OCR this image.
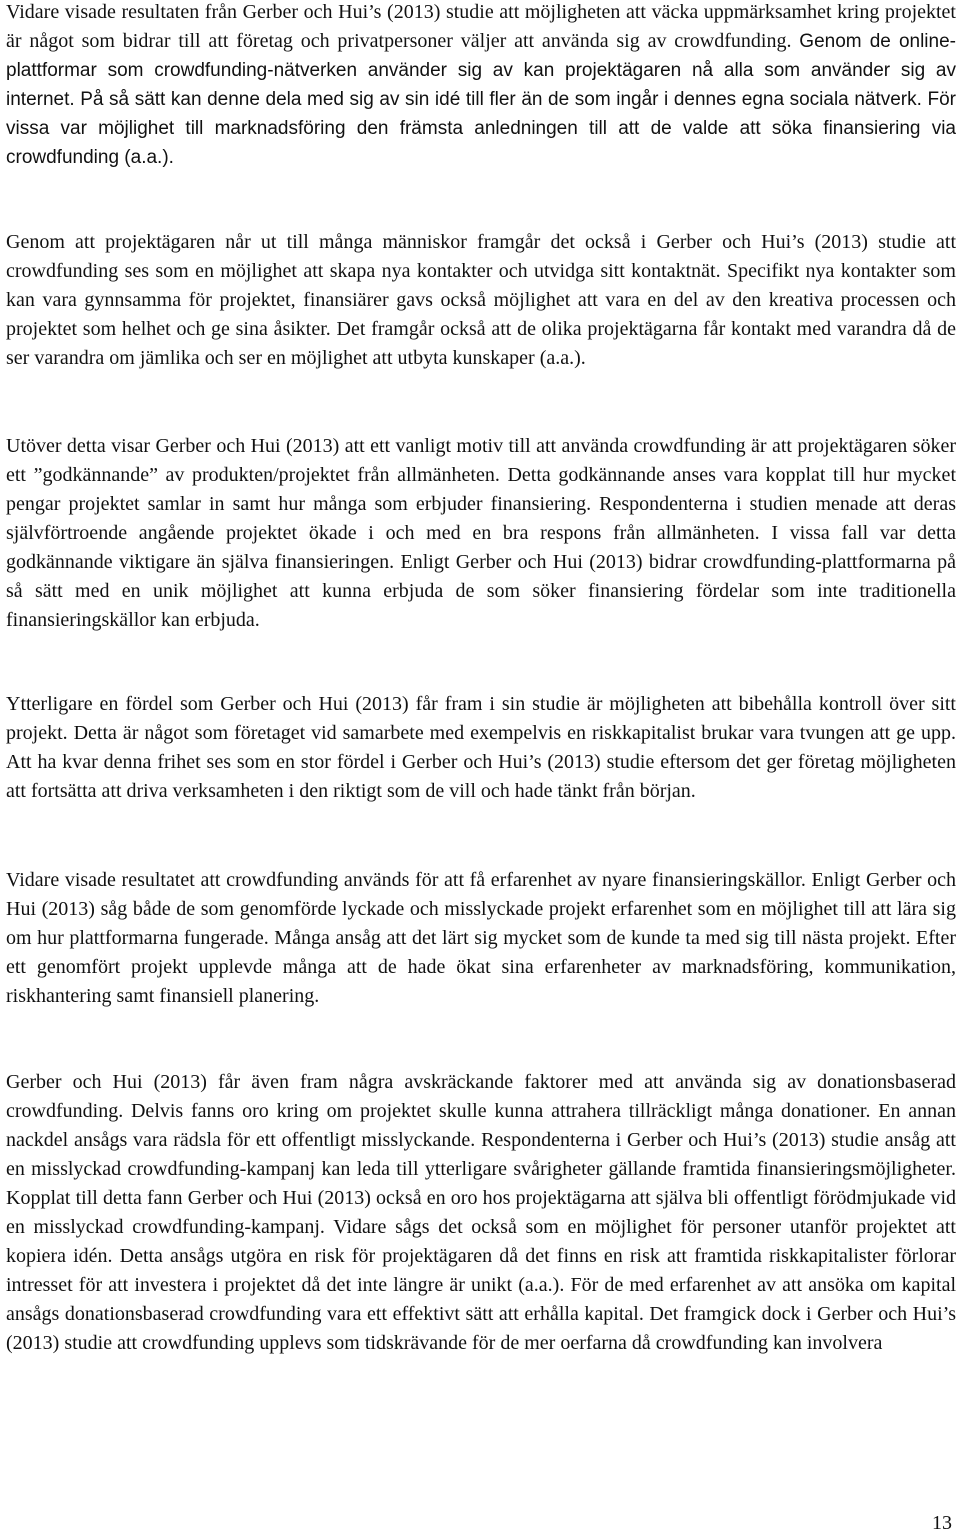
Vidare visade resultaten från Gerber och Hui’s (2013) studie att möjligheten att väcka uppmärksamhet kring projektet är något som bidrar till att företag och privatpersoner väljer att använda sig av crowdfunding. Genom de online-plattformar som crowdfunding-nätverken använder sig av kan projektägaren nå alla som använder sig av internet. På så sätt kan denne dela med sig av sin idé till fler än de som ingår i dennes egna sociala nätverk. För vissa var möjlighet till marknadsföring den främsta anledningen till att de valde att söka finansiering via crowdfunding (a.a.).

Genom att projektägaren når ut till många människor framgår det också i Gerber och Hui’s (2013) studie att crowdfunding ses som en möjlighet att skapa nya kontakter och utvidga sitt kontaktnät. Specifikt nya kontakter som kan vara gynnsamma för projektet, finansiärer gavs också möjlighet att vara en del av den kreativa processen och projektet som helhet och ge sina åsikter. Det framgår också att de olika projektägarna får kontakt med varandra då de ser varandra om jämlika och ser en möjlighet att utbyta kunskaper (a.a.).

Utöver detta visar Gerber och Hui (2013) att ett vanligt motiv till att använda crowdfunding är att projektägaren söker ett ”godkännande” av produkten/projektet från allmänheten. Detta godkännande anses vara kopplat till hur mycket pengar projektet samlar in samt hur många som erbjuder finansiering. Respondenterna i studien menade att deras självförtroende angående projektet ökade i och med en bra respons från allmänheten. I vissa fall var detta godkännande viktigare än själva finansieringen. Enligt Gerber och Hui (2013) bidrar crowdfunding-plattformarna på så sätt med en unik möjlighet att kunna erbjuda de som söker finansiering fördelar som inte traditionella finansieringskällor kan erbjuda.

Ytterligare en fördel som Gerber och Hui (2013) får fram i sin studie är möjligheten att bibehålla kontroll över sitt projekt. Detta är något som företaget vid samarbete med exempelvis en riskkapitalist brukar vara tvungen att ge upp. Att ha kvar denna frihet ses som en stor fördel i Gerber och Hui’s (2013) studie eftersom det ger företag möjligheten att fortsätta att driva verksamheten i den riktigt som de vill och hade tänkt från början.

Vidare visade resultatet att crowdfunding används för att få erfarenhet av nyare finansieringskällor. Enligt Gerber och Hui (2013) såg både de som genomförde lyckade och misslyckade projekt erfarenhet som en möjlighet till att lära sig om hur plattformarna fungerade. Många ansåg att det lärt sig mycket som de kunde ta med sig till nästa projekt. Efter ett genomfört projekt upplevde många att de hade ökat sina erfarenheter av marknadsföring, kommunikation, riskhantering samt finansiell planering.

Gerber och Hui (2013) får även fram några avskräckande faktorer med att använda sig av donationsbaserad crowdfunding. Delvis fanns oro kring om projektet skulle kunna attrahera tillräckligt många donationer. En annan nackdel ansågs vara rädsla för ett offentligt misslyckande. Respondenterna i Gerber och Hui’s (2013) studie ansåg att en misslyckad crowdfunding-kampanj kan leda till ytterligare svårigheter gällande framtida finansieringsmöjligheter. Kopplat till detta fann Gerber och Hui (2013) också en oro hos projektägarna att själva bli offentligt förödmjukade vid en misslyckad crowdfunding-kampanj. Vidare sågs det också som en möjlighet för personer utanför projektet att kopiera idén. Detta ansågs utgöra en risk för projektägaren då det finns en risk att framtida riskkapitalister förlorar intresset för att investera i projektet då det inte längre är unikt (a.a.). För de med erfarenhet av att ansöka om kapital ansågs donationsbaserad crowdfunding vara ett effektivt sätt att erhålla kapital. Det framgick dock i Gerber och Hui’s (2013) studie att crowdfunding upplevs som tidskrävande för de mer oerfarna då crowdfunding kan involvera

13
